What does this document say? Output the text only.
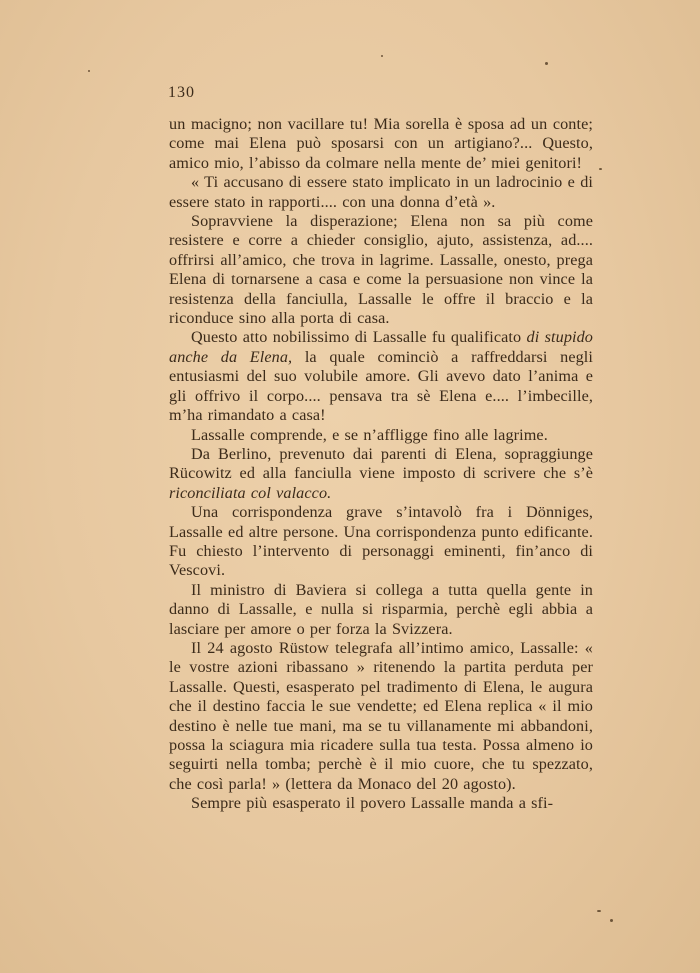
130

un macigno; non vacillare tu! Mia sorella è sposa ad un conte; come mai Elena può sposarsi con un artigiano?... Questo, amico mio, l’abisso da colmare nella mente de’ miei genitori!

« Ti accusano di essere stato implicato in un ladrocinio e di essere stato in rapporti.... con una donna d’età ».

Sopravviene la disperazione; Elena non sa più come resistere e corre a chieder consiglio, ajuto, assistenza, ad.... offrirsi all’amico, che trova in lagrime. Lassalle, onesto, prega Elena di tornarsene a casa e come la persuasione non vince la resistenza della fanciulla, Lassalle le offre il braccio e la riconduce sino alla porta di casa.

Questo atto nobilissimo di Lassalle fu qualificato di stupido anche da Elena, la quale cominciò a raffreddarsi negli entusiasmi del suo volubile amore. Gli avevo dato l’anima e gli offrivo il corpo.... pensava tra sè Elena e.... l’imbecille, m’ha rimandato a casa!

Lassalle comprende, e se n’affligge fino alle lagrime.

Da Berlino, prevenuto dai parenti di Elena, sopraggiunge Rücowitz ed alla fanciulla viene imposto di scrivere che s’è riconciliata col valacco.

Una corrispondenza grave s’intavolò fra i Dönniges, Lassalle ed altre persone. Una corrispondenza punto edificante. Fu chiesto l’intervento di personaggi eminenti, fin’anco di Vescovi.

Il ministro di Baviera si collega a tutta quella gente in danno di Lassalle, e nulla si risparmia, perchè egli abbia a lasciare per amore o per forza la Svizzera.

Il 24 agosto Rüstow telegrafa all’intimo amico, Lassalle: « le vostre azioni ribassano » ritenendo la partita perduta per Lassalle. Questi, esasperato pel tradimento di Elena, le augura che il destino faccia le sue vendette; ed Elena replica « il mio destino è nelle tue mani, ma se tu villanamente mi abbandoni, possa la sciagura mia ricadere sulla tua testa. Possa almeno io seguirti nella tomba; perchè è il mio cuore, che tu spezzato, che così parla! » (lettera da Monaco del 20 agosto).

Sempre più esasperato il povero Lassalle manda a sfi-
